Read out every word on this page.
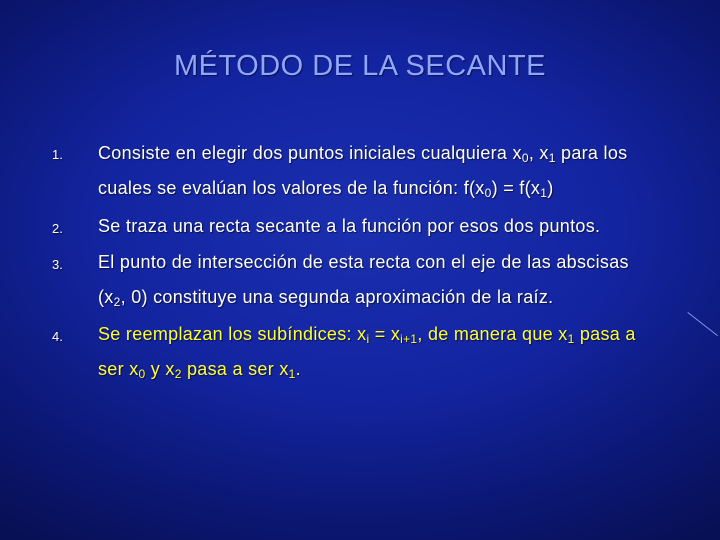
MÉTODO DE LA SECANTE
1. Consiste en elegir dos puntos iniciales cualquiera $x_0$, $x_1$ para los
cuales se evalúan los valores de la función: $f(x_0) = f(x_1)$
2. Se traza una recta secante a la función por esos dos puntos.
3. El punto de intersección de esta recta con el eje de las abscisas
($x_2$, 0) constituye una segunda aproximación de la raíz.
4. Se reemplazan los subíndices: $x_i = x_{i+1}$, de manera que $x_1$ pasa a
ser $x_0$ y $x_2$ pasa a ser $x_1$.
